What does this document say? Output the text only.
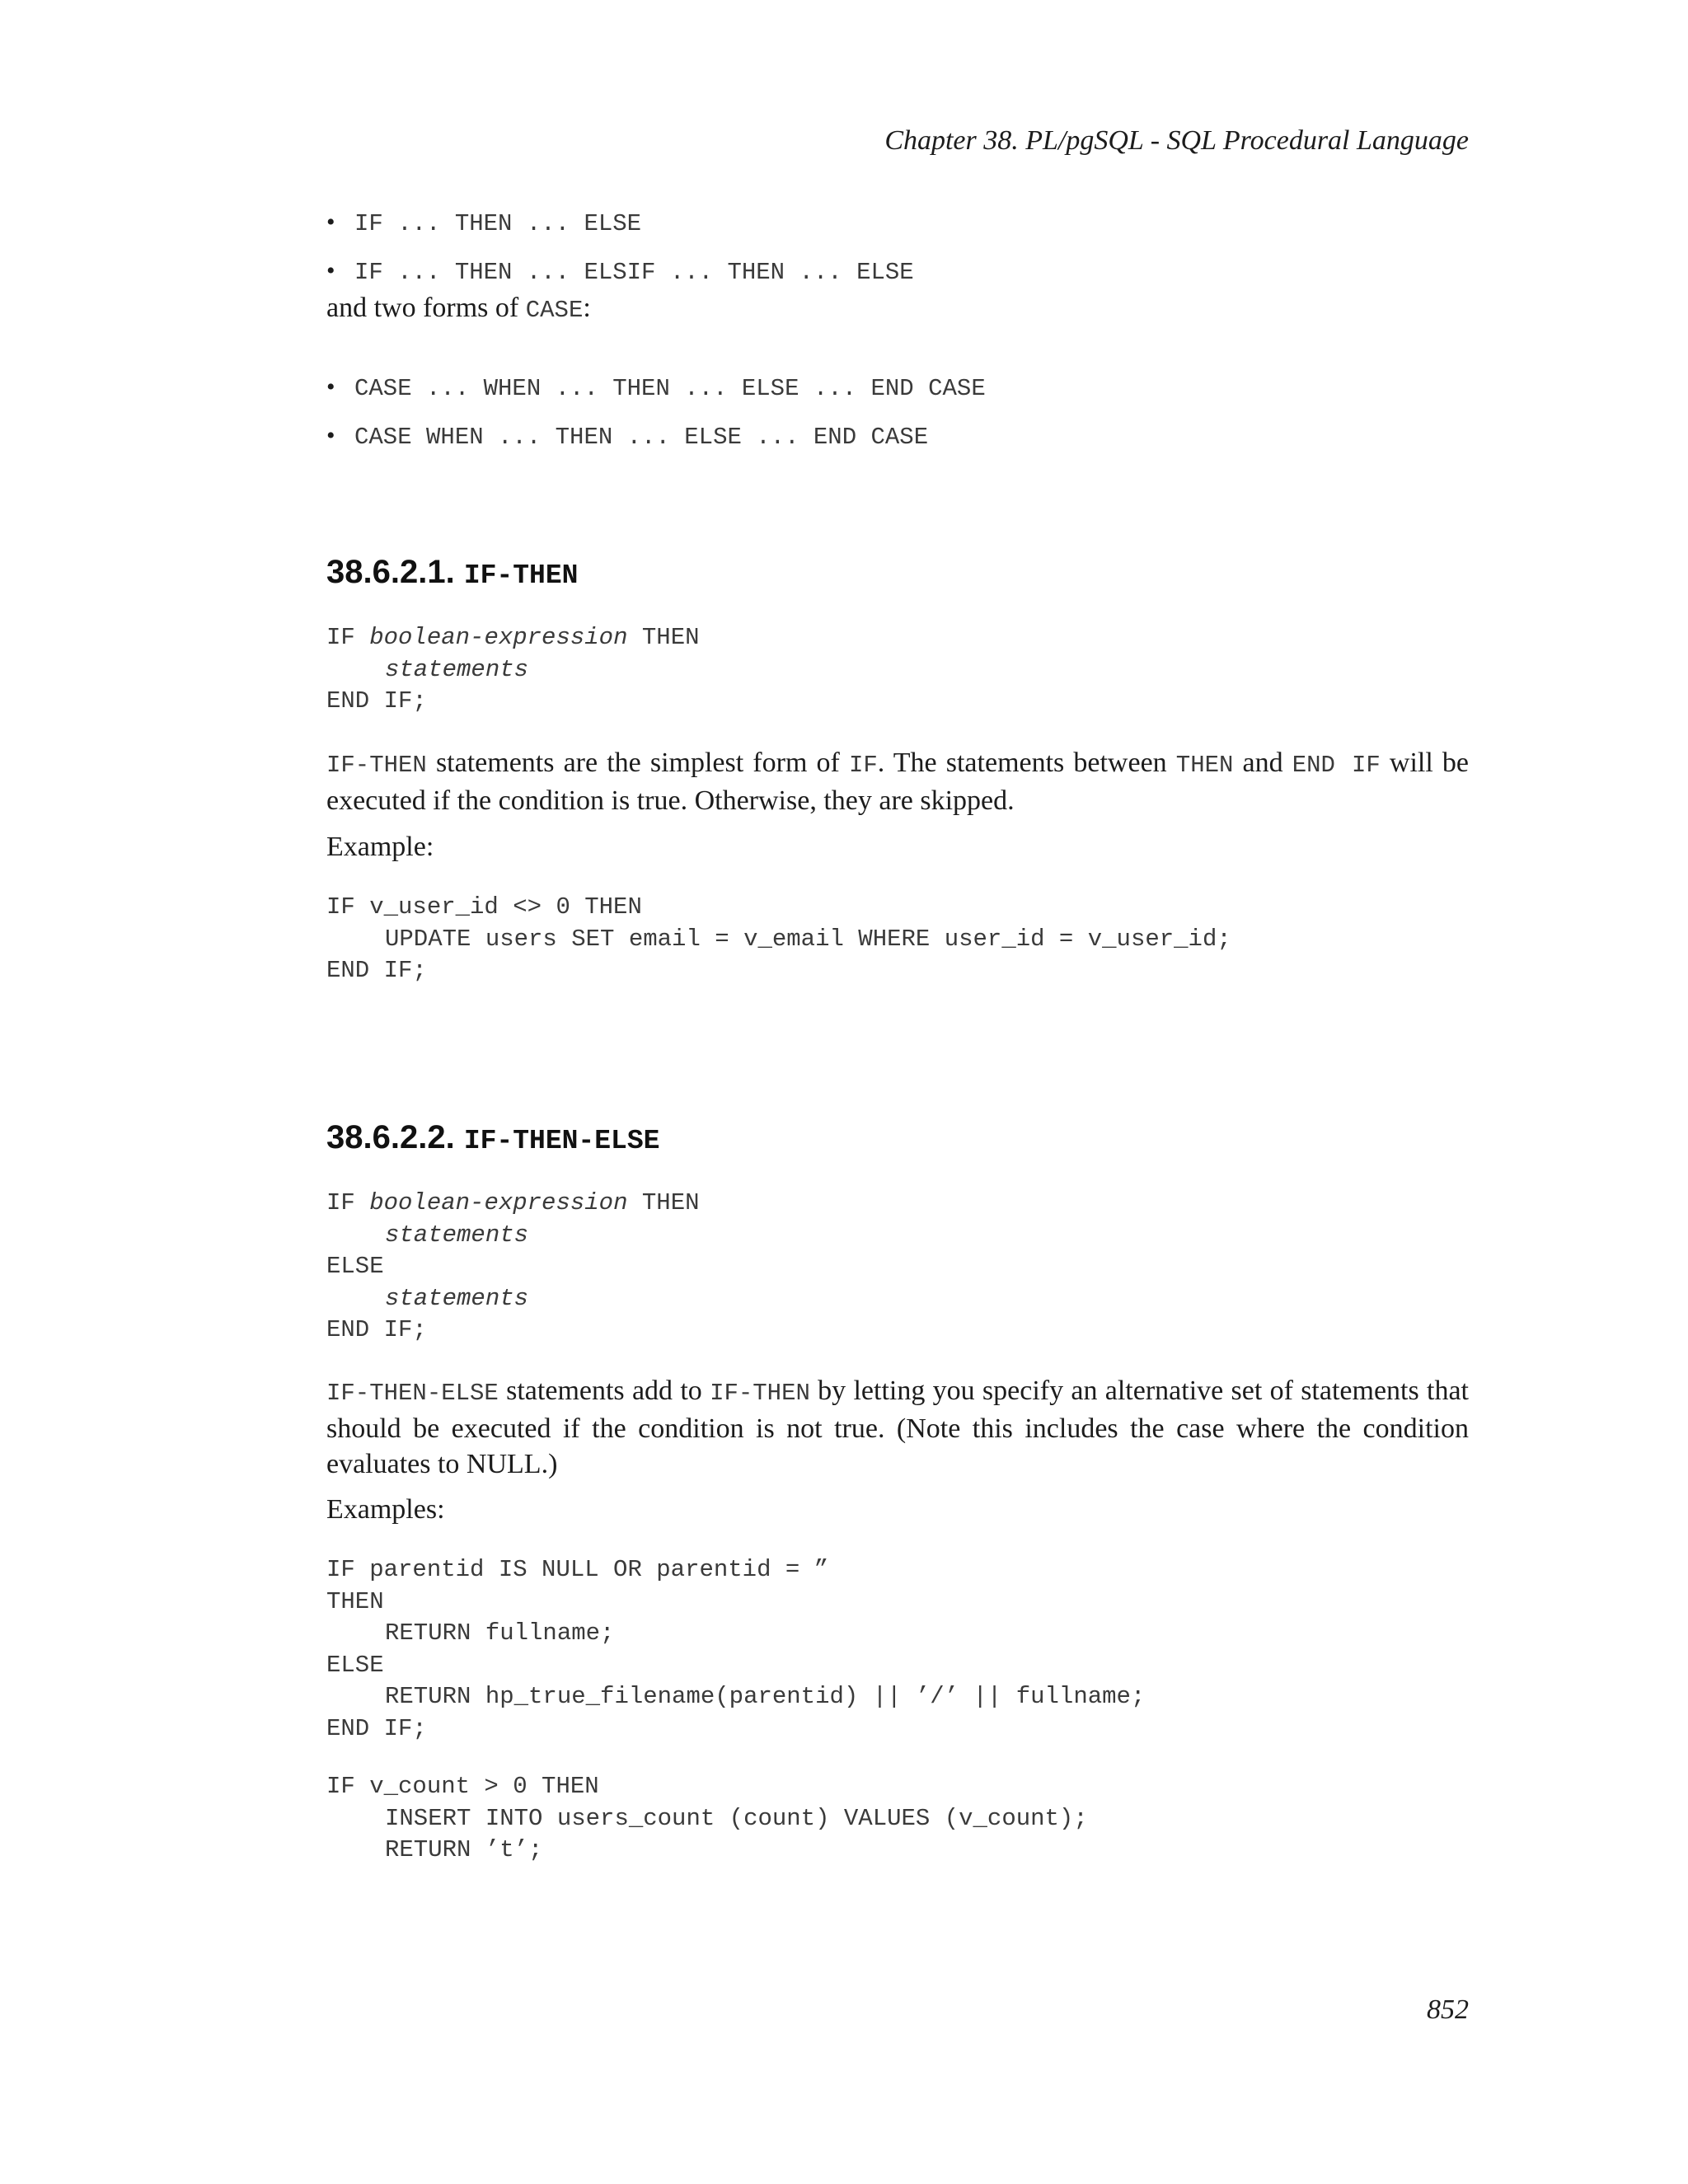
Chapter 38. PL/pgSQL - SQL Procedural Language
• IF ... THEN ... ELSE
• IF ... THEN ... ELSIF ... THEN ... ELSE

and two forms of CASE:

• CASE ... WHEN ... THEN ... ELSE ... END CASE
• CASE WHEN ... THEN ... ELSE ... END CASE
38.6.2.1. IF-THEN
IF boolean-expression THEN
statements
END IF;

IF-THEN statements are the simplest form of IF. The statements between THEN and END IF will be executed if the condition is true. Otherwise, they are skipped.

Example:

IF v_user_id <> 0 THEN
UPDATE users SET email = v_email WHERE user_id = v_user_id;
END IF;
38.6.2.2. IF-THEN-ELSE
IF boolean-expression THEN
statements
ELSE
statements
END IF;

IF-THEN-ELSE statements add to IF-THEN by letting you specify an alternative set of statements that should be executed if the condition is not true. (Note this includes the case where the condition evaluates to NULL.)

Examples:

IF parentid IS NULL OR parentid = ”
THEN
RETURN fullname;
ELSE
RETURN hp_true_filename(parentid) || ’/’ || fullname;
END IF;
IF v_count > 0 THEN
INSERT INTO users_count (count) VALUES (v_count);
RETURN ’t’;
852
